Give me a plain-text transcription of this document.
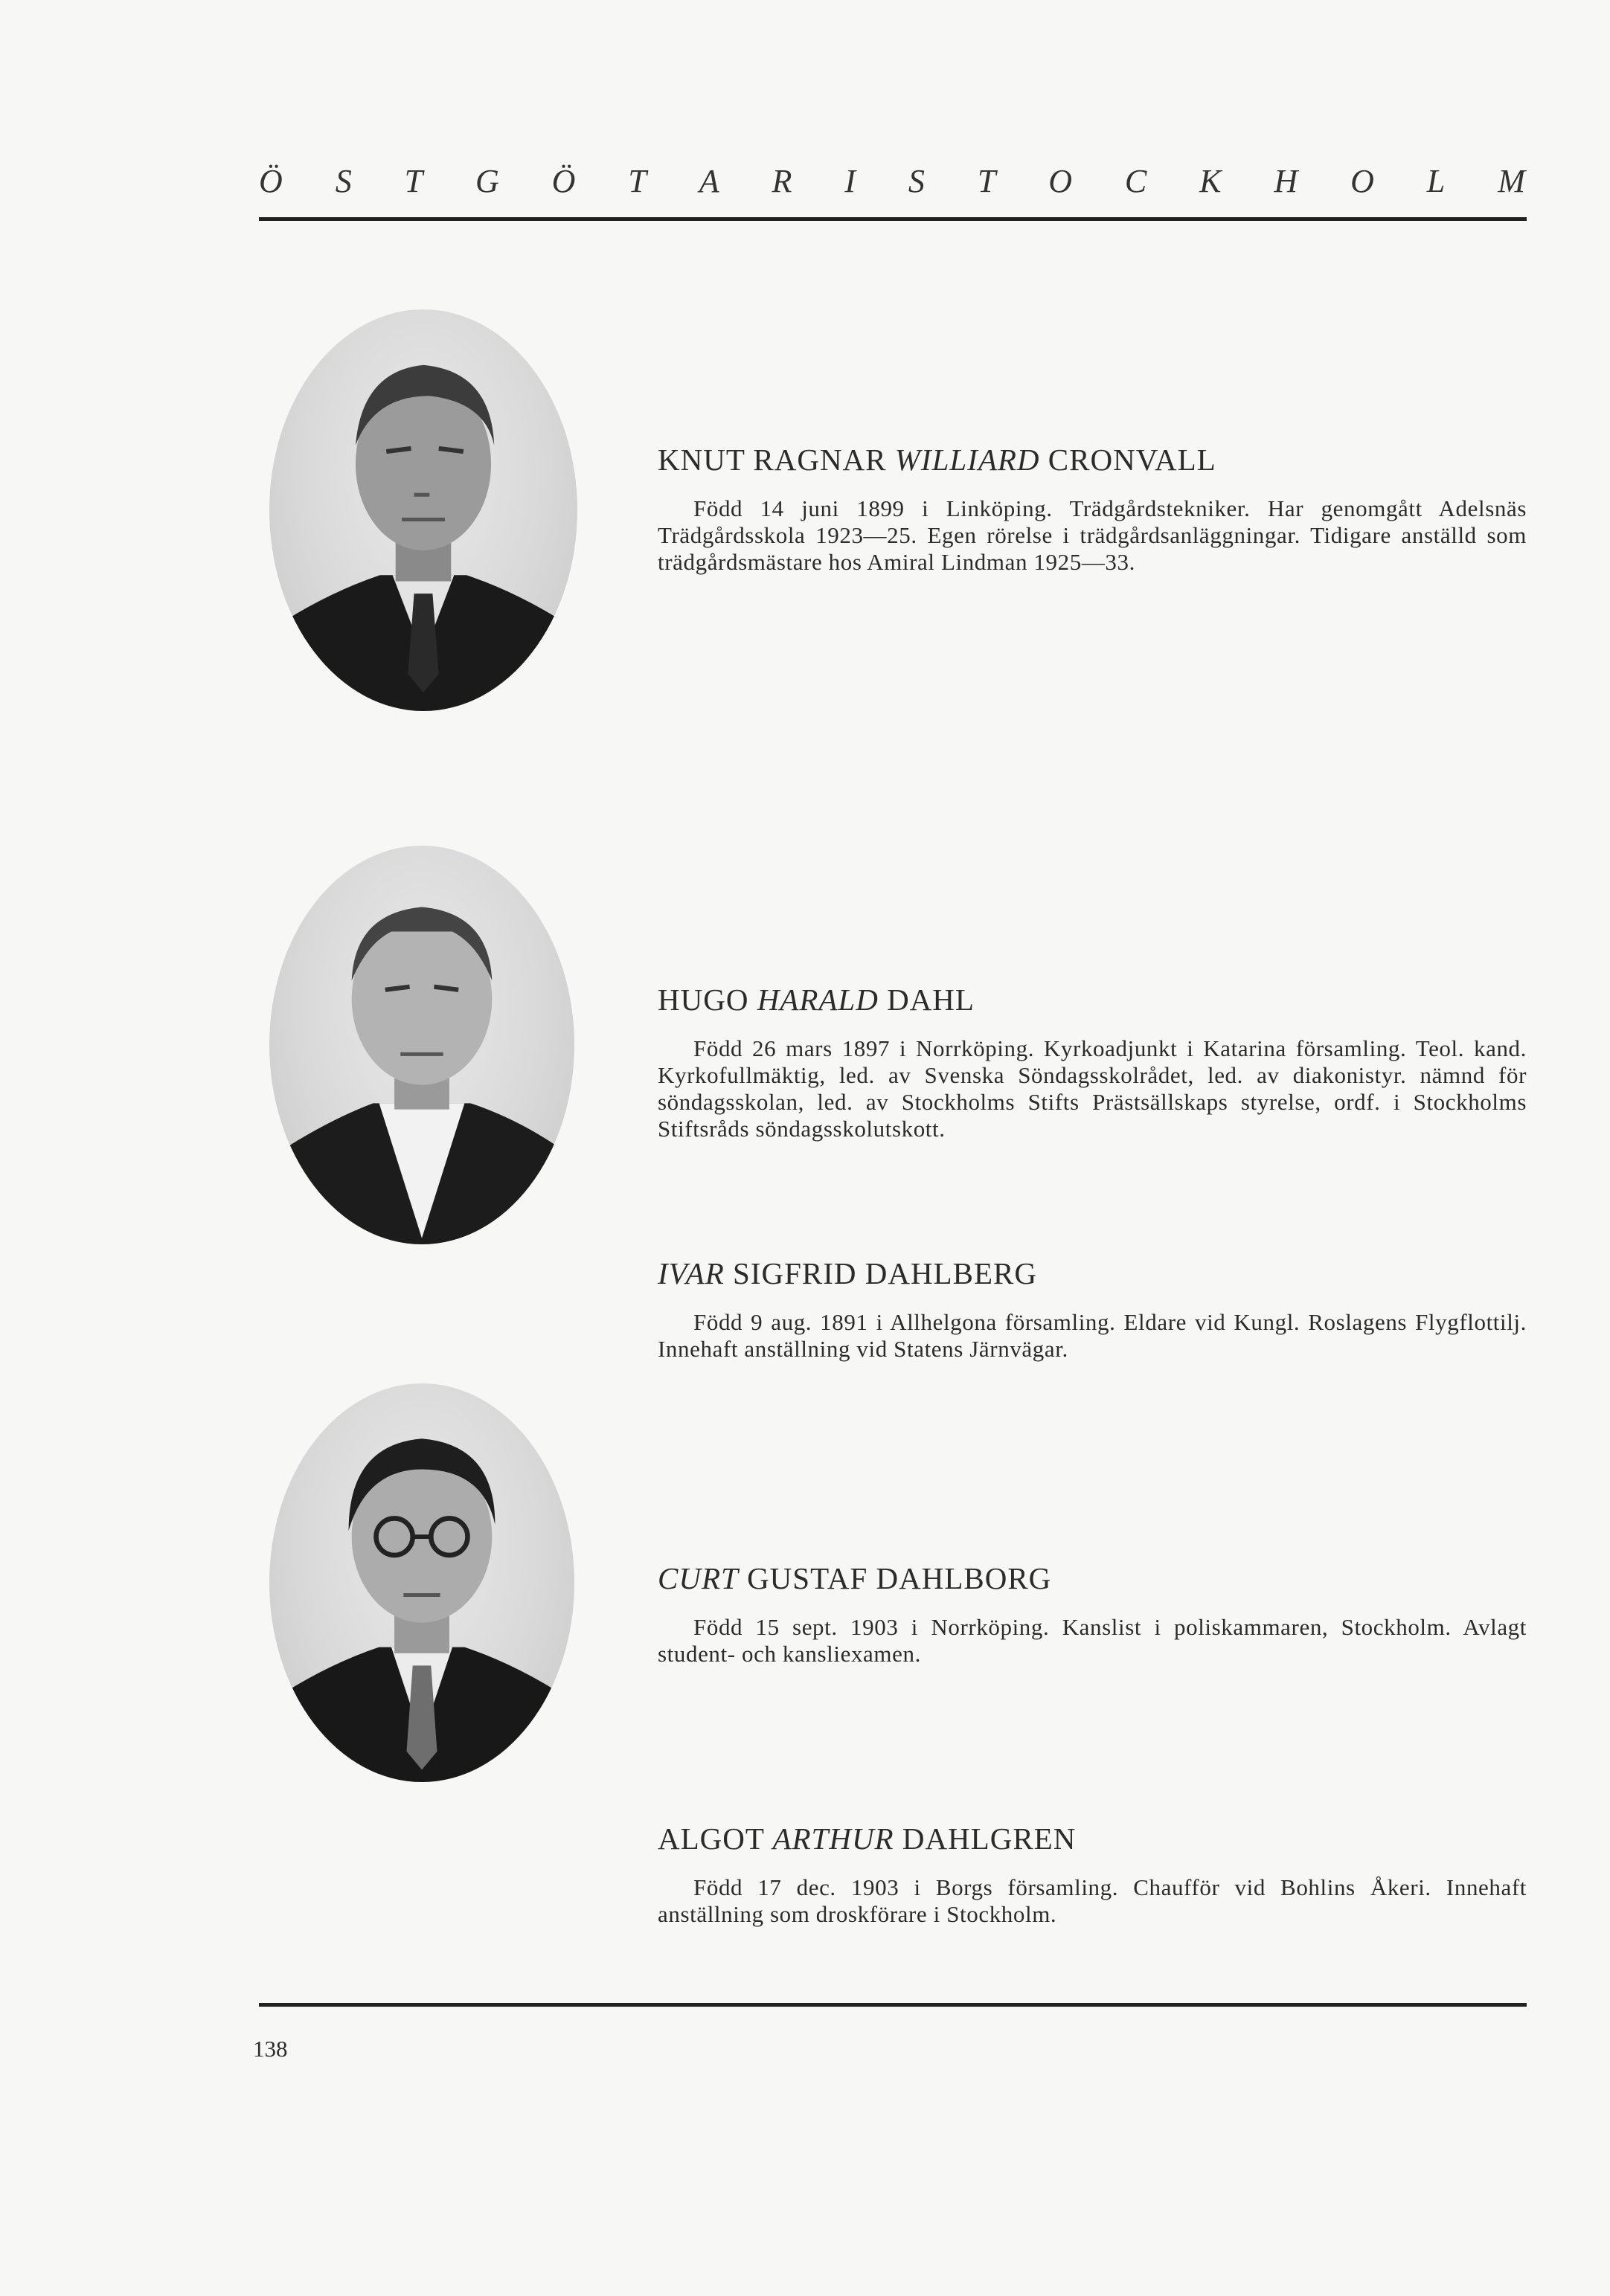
Ö S T G Ö T A R I S T O C K H O L M
KNUT RAGNAR WILLIARD CRONVALL
Född 14 juni 1899 i Linköping. Trädgårdstekniker. Har genomgått Adelsnäs Trädgårdsskola 1923—25. Egen rörelse i trädgårdsanläggningar. Tidigare anställd som trädgårdsmästare hos Amiral Lindman 1925—33.
HUGO HARALD DAHL
Född 26 mars 1897 i Norrköping. Kyrkoadjunkt i Katarina församling. Teol. kand. Kyrkofullmäktig, led. av Svenska Söndagsskolrådet, led. av diakonistyr. nämnd för söndagsskolan, led. av Stockholms Stifts Prästsällskaps styrelse, ordf. i Stockholms Stiftsråds söndagsskolutskott.
IVAR SIGFRID DAHLBERG
Född 9 aug. 1891 i Allhelgona församling. Eldare vid Kungl. Roslagens Flygflottilj. Innehaft anställning vid Statens Järnvägar.
CURT GUSTAF DAHLBORG
Född 15 sept. 1903 i Norrköping. Kanslist i poliskammaren, Stockholm. Avlagt student- och kansliexamen.
ALGOT ARTHUR DAHLGREN
Född 17 dec. 1903 i Borgs församling. Chaufför vid Bohlins Åkeri. Innehaft anställning som droskförare i Stockholm.
138
